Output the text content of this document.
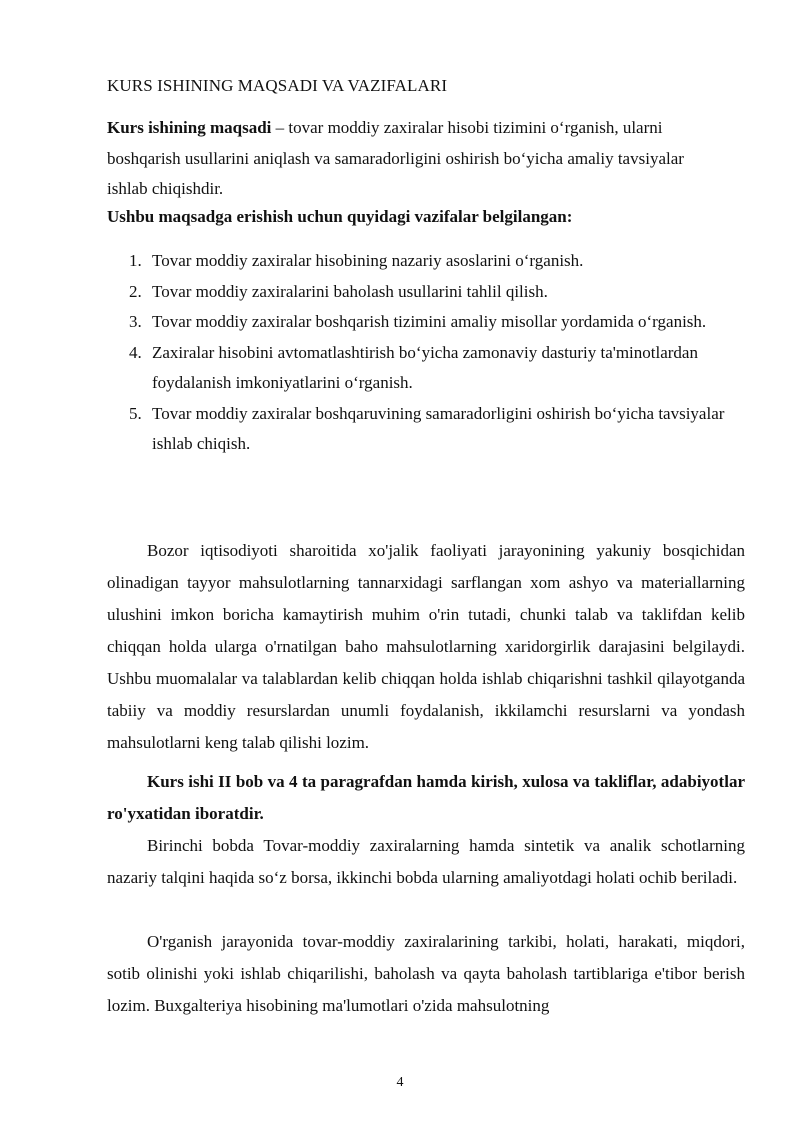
KURS ISHINING MAQSADI VA VAZIFALARI
Kurs ishining maqsadi – tovar moddiy zaxiralar hisobi tizimini o‘rganish, ularni boshqarish usullarini aniqlash va samaradorligini oshirish bo‘yicha amaliy tavsiyalar ishlab chiqishdir.
Ushbu maqsadga erishish uchun quyidagi vazifalar belgilangan:
1. Tovar moddiy zaxiralar hisobining nazariy asoslarini o‘rganish.
2. Tovar moddiy zaxiralarini baholash usullarini tahlil qilish.
3. Tovar moddiy zaxiralar boshqarish tizimini amaliy misollar yordamida o‘rganish.
4. Zaxiralar hisobini avtomatlashtirish bo‘yicha zamonaviy dasturiy ta'minotlardan foydalanish imkoniyatlarini o‘rganish.
5. Tovar moddiy zaxiralar boshqaruvining samaradorligini oshirish bo‘yicha tavsiyalar ishlab chiqish.

Bozor iqtisodiyoti sharoitida xo'jalik faoliyati jarayonining yakuniy bosqichidan olinadigan tayyor mahsulotlarning tannarxidagi sarflangan xom ashyo va materiallarning ulushini imkon boricha kamaytirish muhim o'rin tutadi, chunki talab va taklifdan kelib chiqqan holda ularga o'rnatilgan baho mahsulotlarning xaridorgirlik darajasini belgilaydi. Ushbu muomalalar va talablardan kelib chiqqan holda ishlab chiqarishni tashkil qilayotganda tabiiy va moddiy resurslardan unumli foydalanish, ikkilamchi resurslarni va yondash mahsulotlarni keng talab qilishi lozim.

Kurs ishi II bob va 4 ta paragrafdan hamda kirish, xulosa va takliflar, adabiyotlar ro'yxatidan iboratdir.

Birinchi bobda Tovar-moddiy zaxiralarning hamda sintetik va analik schotlarning nazariy talqini haqida so‘z borsa, ikkinchi bobda ularning amaliyotdagi holati ochib beriladi.

O'rganish jarayonida tovar-moddiy zaxiralarining tarkibi, holati, harakati, miqdori, sotib olinishi yoki ishlab chiqarilishi, baholash va qayta baholash tartiblariga e'tibor berish lozim. Buxgalteriya hisobining ma'lumotlari o'zida mahsulotning

4
